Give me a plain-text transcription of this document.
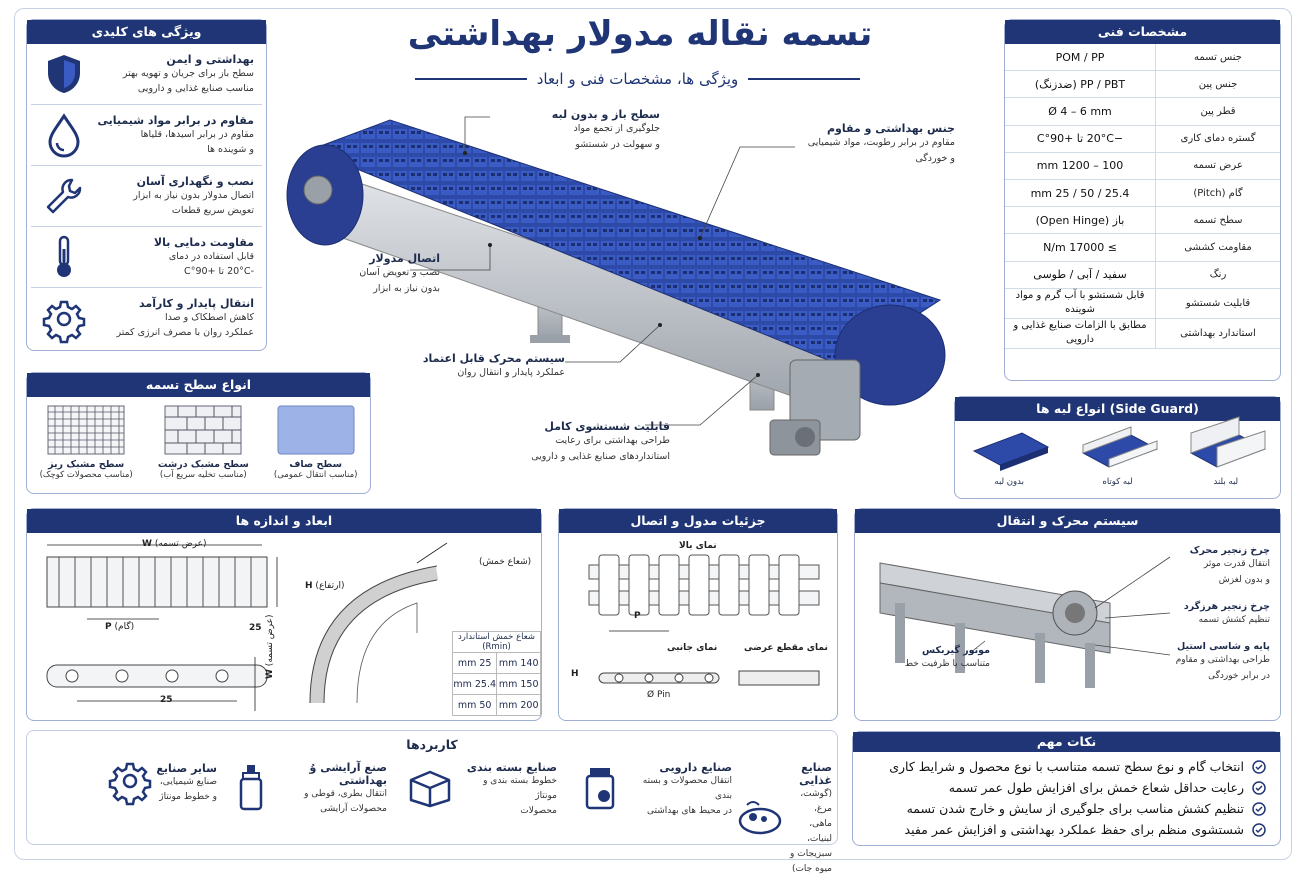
تسمه نقاله مدولار بهداشتی
ویژگی ها، مشخصات فنی و ابعاد
ویژگی های کلیدی
بهداشتی و ایمن
سطح باز برای جریان و تهویه بهتر
مناسب صنایع غذایی و دارویی
مقاوم در برابر مواد شیمیایی
مقاوم در برابر اسیدها، قلیاها
و شوینده ها
نصب و نگهداری آسان
اتصال مدولار بدون نیاز به ابزار
تعویض سریع قطعات
مقاومت دمایی بالا
قابل استفاده در دمای
-20°C تا +90°C
انتقال پایدار و کارآمد
کاهش اصطکاک و صدا
عملکرد روان با مصرف انرژی کمتر
مشخصات فنی
جنس تسمه
POM / PP
جنس پین
PP / PBT (ضدزنگ)
قطر پین
Ø 4 – 6 mm
گستره دمای کاری
−20°C تا +90°C
عرض تسمه
100 – 1200 mm
گام (Pitch)
25.4 / 50 / 25 mm
سطح تسمه
باز (Open Hinge)
مقاومت کششی
≥ 17000 N/m
رنگ
سفید / آبی / طوسی
قابلیت شستشو
قابل شستشو با آب گرم و مواد شوینده
استاندارد بهداشتی
مطابق با الزامات صنایع غذایی و دارویی
سطح باز و بدون لبه
جلوگیری از تجمع مواد
و سهولت در شستشو
جنس بهداشتی و مقاوم
مقاوم در برابر رطوبت، مواد شیمیایی
و خوردگی
اتصال مدولار
نصب و تعویض آسان
بدون نیاز به ابزار
سیستم محرک قابل اعتماد
عملکرد پایدار و انتقال روان
قابلیت شستشوی کامل
طراحی بهداشتی برای رعایت
استانداردهای صنایع غذایی و دارویی
انواع سطح تسمه
سطح صاف
(مناسب انتقال عمومی)
سطح مشبک درشت
(مناسب تخلیه سریع آب)
سطح مشبک ریز
(مناسب محصولات کوچک)
انواع لبه ها (Side Guard)
لبه بلند
لبه کوتاه
بدون لبه
ابعاد و اندازه ها
W (عرض تسمه)
H (ارتفاع)
P (گام)	25
25
W (عرض تسمه)
(شعاع خمش)
شعاع خمش استاندارد (Rmin)	
140 mm	25 mm
150 mm	25.4 mm
200 mm	50 mm
جزئیات مدول و اتصال
نمای بالا
P
نمای جانبی	نمای مقطع عرضی
H
Ø Pin
سیستم محرک و انتقال
چرخ زنجیر محرک
انتقال قدرت موثر
و بدون لغزش
چرخ زنجیر هرزگرد
تنظیم کشش تسمه
پایه و شاسی استیل
طراحی بهداشتی و مقاوم
در برابر خوردگی
موتور گیربکس
متناسب با ظرفیت خط
کاربردها
صنایع غذایی
(گوشت، مرغ، ماهی، لبنیات،
سبزیجات و میوه جات)
صنایع دارویی
انتقال محصولات و بسته بندی
در محیط های بهداشتی
صنایع بسته بندی
خطوط بسته بندی و مونتاژ
محصولات
صنع آرایشی وُ بهداشتی
انتقال بطری، قوطی و
محصولات آرایشی
سایر صنایع
صنایع شیمیایی،
و خطوط مونتاژ
نکات مهم
انتخاب گام و نوع سطح تسمه متناسب با نوع محصول و شرایط کاری
رعایت حداقل شعاع خمش برای افزایش طول عمر تسمه
تنظیم کشش مناسب برای جلوگیری از سایش و خارج شدن تسمه
شستشوی منظم برای حفظ عملکرد بهداشتی و افزایش عمر مفید
